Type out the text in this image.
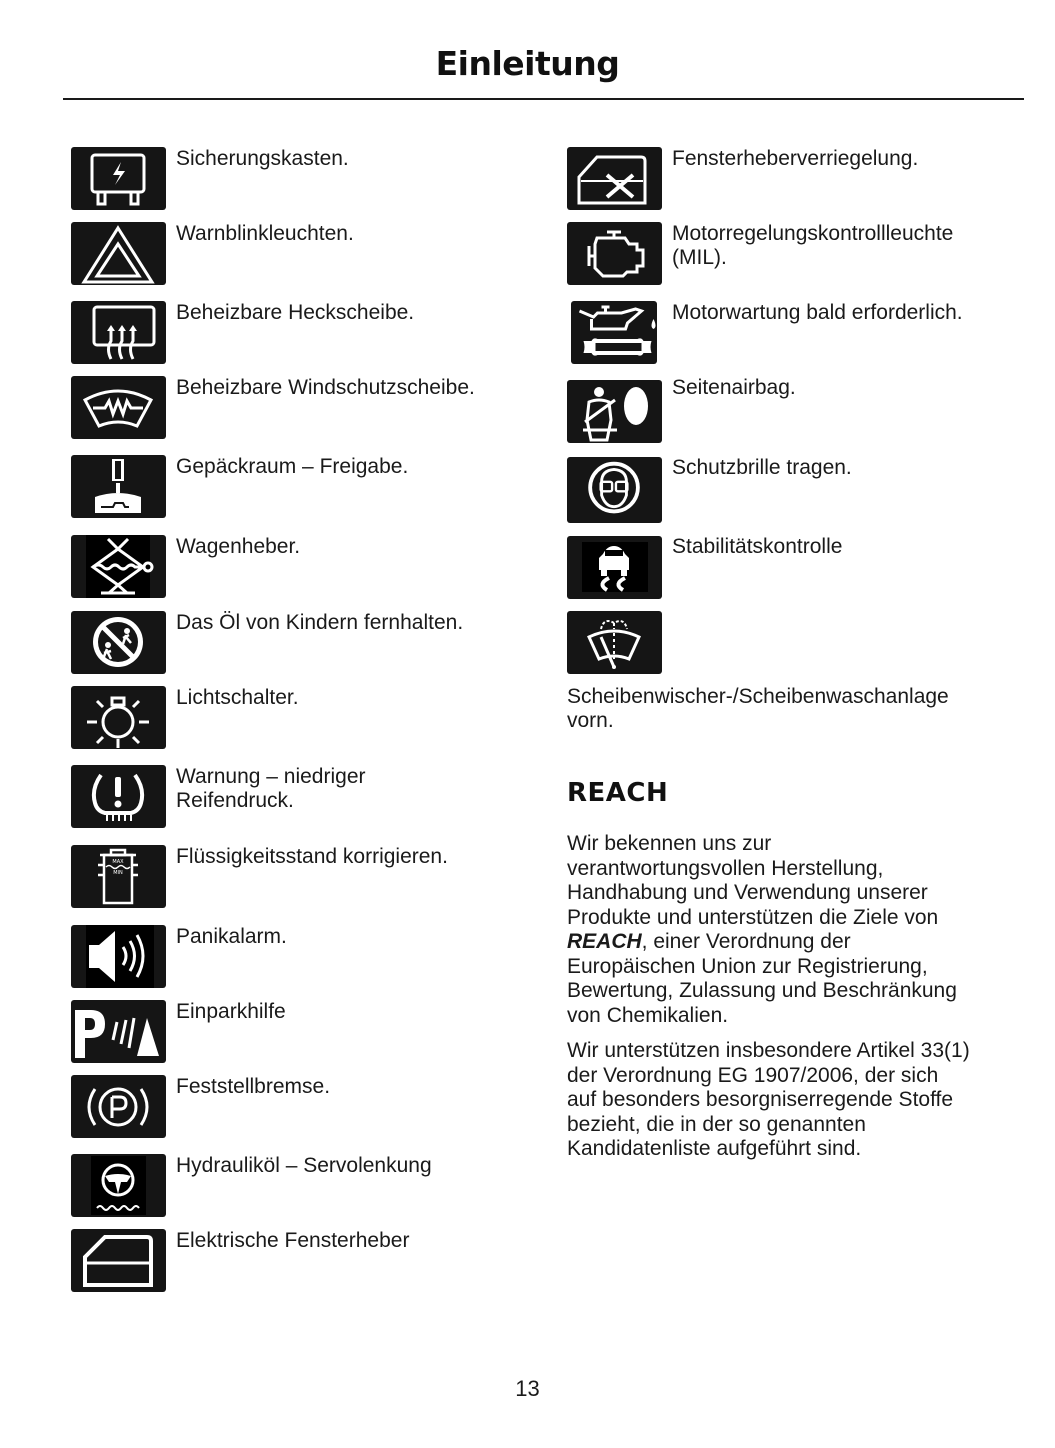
Einleitung
Sicherungskasten.
Warnblinkleuchten.
Beheizbare Heckscheibe.
Beheizbare Windschutzscheibe.
Gepäckraum – Freigabe.
Wagenheber.
Das Öl von Kindern fernhalten.
Lichtschalter.
Warnung – niedriger
Reifendruck.
MAX
MIN
Flüssigkeitsstand korrigieren.
Panikalarm.
Einparkhilfe
Feststellbremse.
Hydrauliköl – Servolenkung
Elektrische Fensterheber
Fensterheberverriegelung.
Motorregelungskontrollleuchte
(MIL).
Motorwartung bald erforderlich.
Seitenairbag.
Schutzbrille tragen.
Stabilitätskontrolle
Scheibenwischer-/Scheibenwaschanlage
vorn.
REACH
Wir bekennen uns zur
verantwortungsvollen Herstellung,
Handhabung und Verwendung unserer
Produkte und unterstützen die Ziele von
REACH, einer Verordnung der
Europäischen Union zur Registrierung,
Bewertung, Zulassung und Beschränkung
von Chemikalien.
Wir unterstützen insbesondere Artikel 33(1)
der Verordnung EG 1907/2006, der sich
auf besonders besorgniserregende Stoffe
bezieht, die in der so genannten
Kandidatenliste aufgeführt sind.
13
